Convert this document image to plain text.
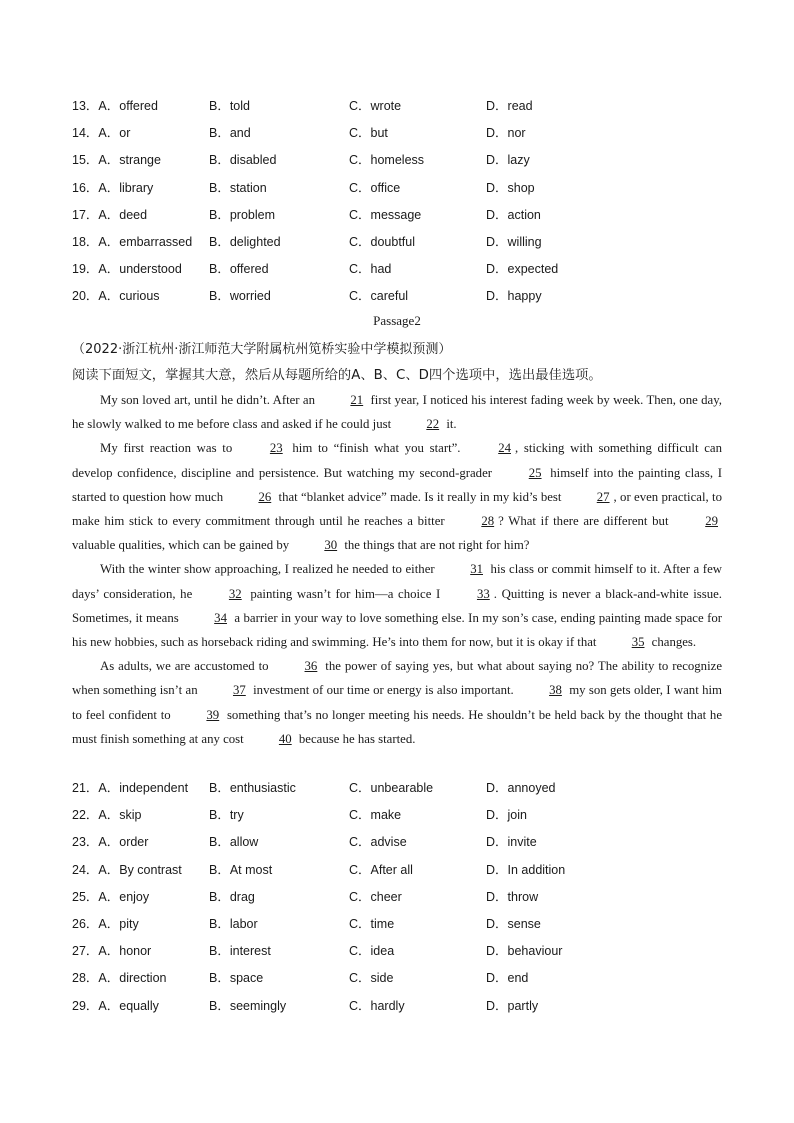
13．A．offered	B．told	C．wrote	D．read
14．A．or	B．and	C．but	D．nor
15．A．strange	B．disabled	C．homeless	D．lazy
16．A．library	B．station	C．office	D．shop
17．A．deed	B．problem	C．message	D．action
18．A．embarrassed B．delighted	C．doubtful	D．willing
19．A．understood B．offered	C．had	D．expected
20．A．curious	B．worried	C．careful	D．happy
Passage2
（2022·浙江杭州·浙江师范大学附属杭州笕桥实验中学模拟预测）
阅读下面短文，掌握其大意，然后从每题所给的A、B、C、D四个选项中，选出最佳选项。

My son loved art, until he didn’t. After an	21 first year, I noticed his interest fading week by week. Then, one day, he slowly walked to me before class and asked if he could just	22 it.

My first reaction was to	23 him to “finish what you start”.	24 , sticking with something difficult can develop confidence, discipline and persistence. But watching my second-grader	25 himself into the painting class, I started to question how much	26 that “blanket advice” made. Is it really in my kid’s best	27 , or even practical, to make him stick to every commitment through until he reaches a bitter	28 ? What if there are different but	29 valuable qualities, which can be gained by	30 the things that are not right for him?

With the winter show approaching, I realized he needed to either	31 his class or commit himself to it. After a few days’ consideration, he	32 painting wasn’t for him—a choice I	33 . Quitting is never a black-and-white issue. Sometimes, it means	34 a barrier in your way to love something else. In my son’s case, ending painting made space for his new hobbies, such as horseback riding and swimming. He’s into them for now, but it is okay if that	35 changes.

As adults, we are accustomed to	36 the power of saying yes, but what about saying no? The ability to recognize when something isn’t an	37 investment of our time or energy is also important.	38 my son gets older, I want him to feel confident to	39 something that’s no longer meeting his needs. He shouldn’t be held back by the thought that he must finish something at any cost	40 because he has started.

21．A．independent B．enthusiastic	C．unbearable	D．annoyed
22．A．skip	B．try	C．make	D．join
23．A．order	B．allow	C．advise	D．invite
24．A．By contrast B．At most	C．After all	D．In addition
25．A．enjoy	B．drag	C．cheer	D．throw
26．A．pity	B．labor	C．time	D．sense
27．A．honor	B．interest	C．idea	D．behaviour
28．A．direction	B．space	C．side	D．end
29．A．equally	B．seemingly	C．hardly	D．partly
